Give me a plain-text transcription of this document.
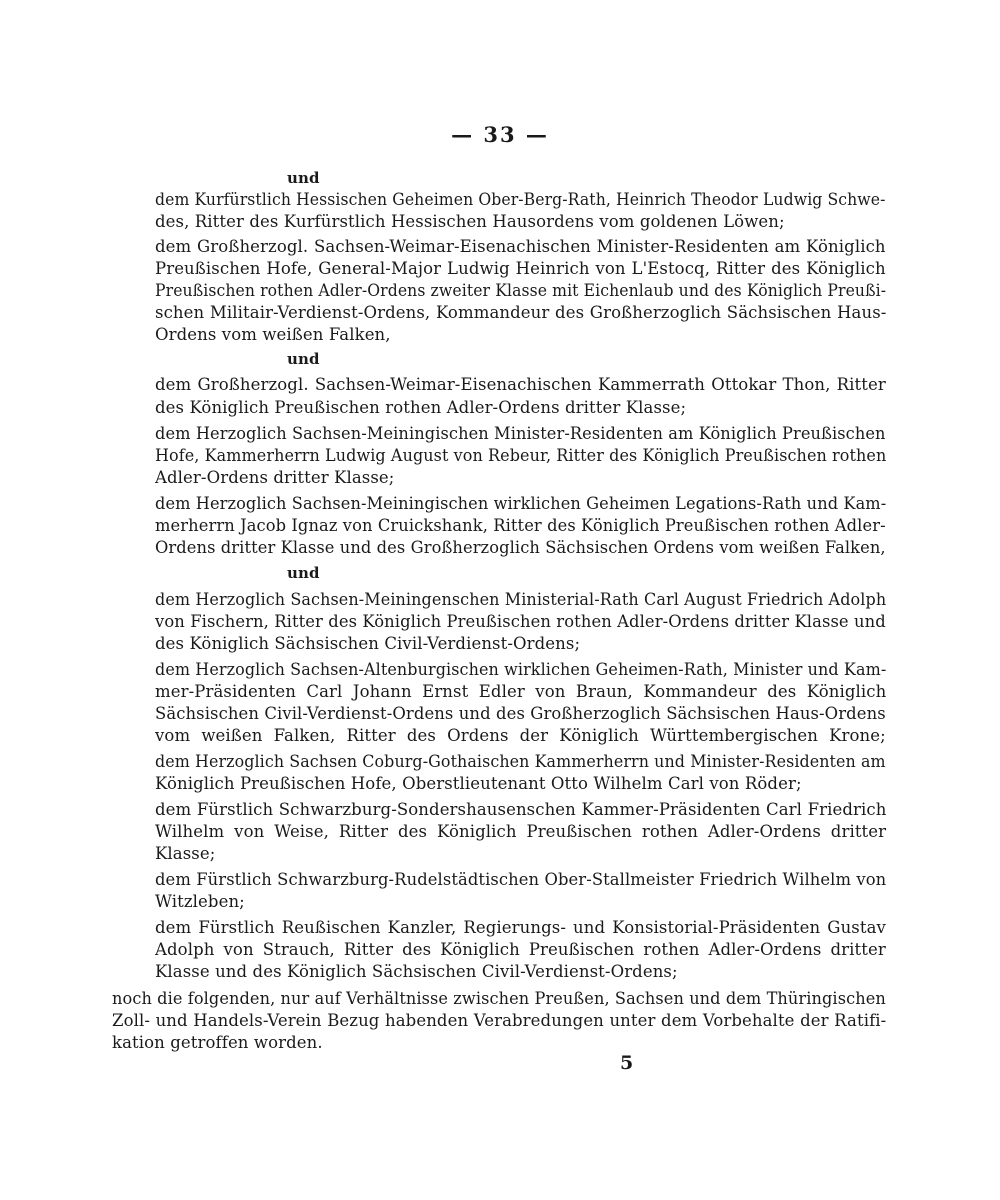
— 33 —
und
dem Kurfürstlich Hessischen Geheimen Ober-Berg-Rath, Heinrich Theodor Ludwig Schwe-
des, Ritter des Kurfürstlich Hessischen Hausordens vom goldenen Löwen;
dem Großherzogl. Sachsen-Weimar-Eisenachischen Minister-Residenten am Königlich
Preußischen Hofe, General-Major Ludwig Heinrich von L'Estocq, Ritter des Königlich
Preußischen rothen Adler-Ordens zweiter Klasse mit Eichenlaub und des Königlich Preußi-
schen Militair-Verdienst-Ordens, Kommandeur des Großherzoglich Sächsischen Haus-
Ordens vom weißen Falken,
und
dem Großherzogl. Sachsen-Weimar-Eisenachischen Kammerrath Ottokar Thon, Ritter
des Königlich Preußischen rothen Adler-Ordens dritter Klasse;
dem Herzoglich Sachsen-Meiningischen Minister-Residenten am Königlich Preußischen
Hofe, Kammerherrn Ludwig August von Rebeur, Ritter des Königlich Preußischen rothen
Adler-Ordens dritter Klasse;
dem Herzoglich Sachsen-Meiningischen wirklichen Geheimen Legations-Rath und Kam-
merherrn Jacob Ignaz von Cruickshank, Ritter des Königlich Preußischen rothen Adler-
Ordens dritter Klasse und des Großherzoglich Sächsischen Ordens vom weißen Falken,
und
dem Herzoglich Sachsen-Meiningenschen Ministerial-Rath Carl August Friedrich Adolph
von Fischern, Ritter des Königlich Preußischen rothen Adler-Ordens dritter Klasse und
des Königlich Sächsischen Civil-Verdienst-Ordens;
dem Herzoglich Sachsen-Altenburgischen wirklichen Geheimen-Rath, Minister und Kam-
mer-Präsidenten Carl Johann Ernst Edler von Braun, Kommandeur des Königlich
Sächsischen Civil-Verdienst-Ordens und des Großherzoglich Sächsischen Haus-Ordens
vom weißen Falken, Ritter des Ordens der Königlich Württembergischen Krone;
dem Herzoglich Sachsen Coburg-Gothaischen Kammerherrn und Minister-Residenten am
Königlich Preußischen Hofe, Oberstlieutenant Otto Wilhelm Carl von Röder;
dem Fürstlich Schwarzburg-Sondershausenschen Kammer-Präsidenten Carl Friedrich
Wilhelm von Weise, Ritter des Königlich Preußischen rothen Adler-Ordens dritter
Klasse;
dem Fürstlich Schwarzburg-Rudelstädtischen Ober-Stallmeister Friedrich Wilhelm von
Witzleben;
dem Fürstlich Reußischen Kanzler, Regierungs- und Konsistorial-Präsidenten Gustav
Adolph von Strauch, Ritter des Königlich Preußischen rothen Adler-Ordens dritter
Klasse und des Königlich Sächsischen Civil-Verdienst-Ordens;
noch die folgenden, nur auf Verhältnisse zwischen Preußen, Sachsen und dem Thüringischen
Zoll- und Handels-Verein Bezug habenden Verabredungen unter dem Vorbehalte der Ratifi-
kation getroffen worden.
5
